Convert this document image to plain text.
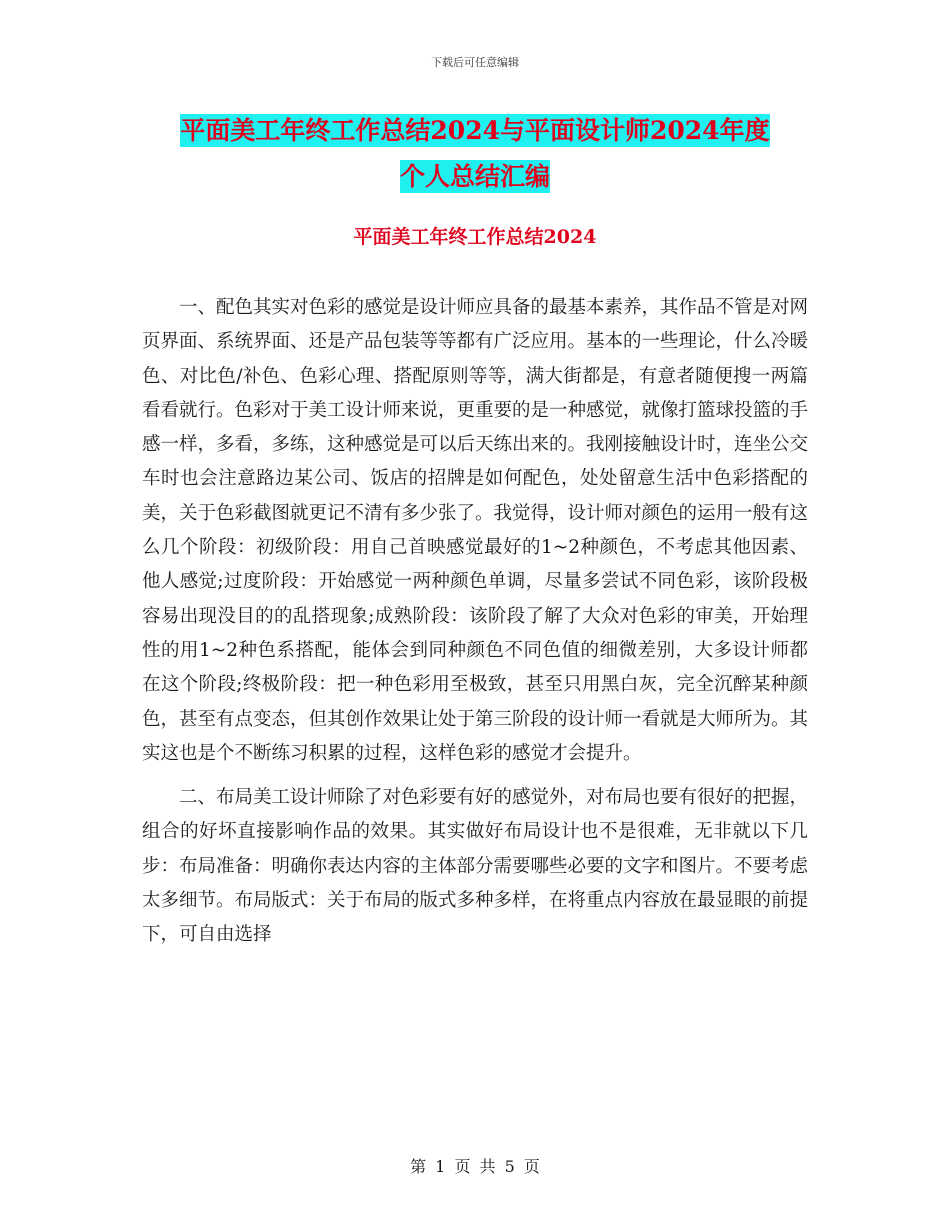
下载后可任意编辑
平面美工年终工作总结2024与平面设计师2024年度
个人总结汇编
平面美工年终工作总结2024

一、配色其实对色彩的感觉是设计师应具备的最基本素养，其作品不管是对网页界面、系统界面、还是产品包装等等都有广泛应用。基本的一些理论，什么冷暖色、对比色/补色、色彩心理、搭配原则等等，满大街都是，有意者随便搜一两篇看看就行。色彩对于美工设计师来说，更重要的是一种感觉，就像打篮球投篮的手感一样，多看，多练，这种感觉是可以后天练出来的。我刚接触设计时，连坐公交车时也会注意路边某公司、饭店的招牌是如何配色，处处留意生活中色彩搭配的美，关于色彩截图就更记不清有多少张了。我觉得，设计师对颜色的运用一般有这么几个阶段：初级阶段：用自己首映感觉最好的1~2种颜色，不考虑其他因素、他人感觉;过度阶段：开始感觉一两种颜色单调，尽量多尝试不同色彩，该阶段极容易出现没目的的乱搭现象;成熟阶段：该阶段了解了大众对色彩的审美，开始理性的用1~2种色系搭配，能体会到同种颜色不同色值的细微差别，大多设计师都在这个阶段;终极阶段：把一种色彩用至极致，甚至只用黑白灰，完全沉醉某种颜色，甚至有点变态，但其创作效果让处于第三阶段的设计师一看就是大师所为。其实这也是个不断练习积累的过程，这样色彩的感觉才会提升。

二、布局美工设计师除了对色彩要有好的感觉外，对布局也要有很好的把握，组合的好坏直接影响作品的效果。其实做好布局设计也不是很难，无非就以下几步：布局准备：明确你表达内容的主体部分需要哪些必要的文字和图片。不要考虑太多细节。布局版式：关于布局的版式多种多样，在将重点内容放在最显眼的前提下，可自由选择

第 1 页 共 5 页
